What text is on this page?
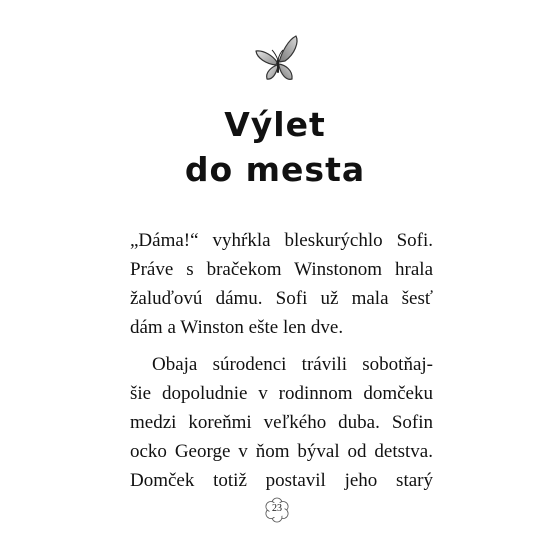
Výlet
do mesta
„Dáma!“ vyhŕkla bleskurýchlo Sofi.
Práve s bračekom Winstonom hrala
žaluďovú dámu. Sofi už mala šesť
dám a Winston ešte len dve.
Obaja súrodenci trávili sobotňaj-
šie dopoludnie v rodinnom domčeku
medzi koreňmi veľkého duba. Sofin
ocko George v ňom býval od detstva.
Domček totiž postavil jeho starý
23
